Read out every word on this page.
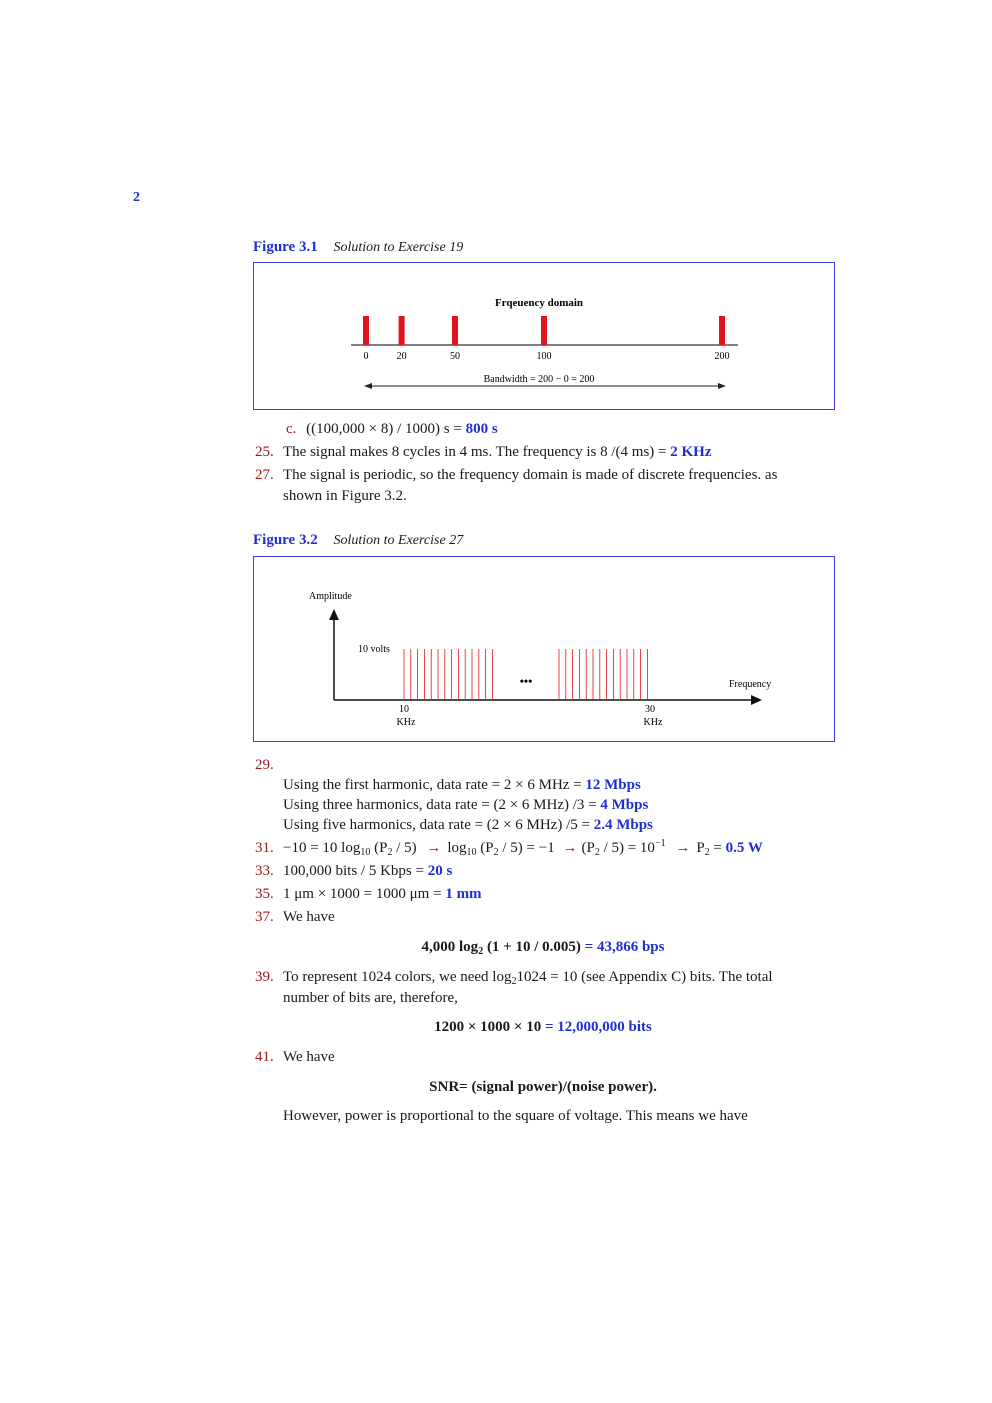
2
Figure 3.1 Solution to Exercise 19
Frqeuency domain
0	20	50	100	200
Bandwidth = 200 − 0 = 200
c. ((100,000 × 8) / 1000) s = 800 s
25. The signal makes 8 cycles in 4 ms. The frequency is 8 /(4 ms) = 2 KHz
27. The signal is periodic, so the frequency domain is made of discrete frequencies. as
shown in Figure 3.2.
Figure 3.2 Solution to Exercise 27
Amplitude
Frequency
10 volts
•••
10
KHz
30
KHz
29.
Using the first harmonic, data rate = 2 × 6 MHz = 12 Mbps
Using three harmonics, data rate = (2 × 6 MHz) /3 = 4 Mbps
Using five harmonics, data rate = (2 × 6 MHz) /5 = 2.4 Mbps
31. −10 = 10 $\log_{10} (P_2 / 5) \to \log_{10} (P_2 / 5) = -1 \to (P_2 / 5) = 10^{-1} \to P_2 = 0.5$ W
33. 100,000 bits / 5 Kbps = 20 s
35. 1 μm × 1000 = 1000 μm = 1 mm
37. We have
4,000 $\log_2 (1 + 10 / 0.005) = 43,866$ bps
39. To represent 1024 colors, we need $\log_21024 = 10$ (see Appendix C) bits. The total
number of bits are, therefore,
1200 × 1000 × 10 = 12,000,000 bits
41. We have
SNR= (signal power)/(noise power).
However, power is proportional to the square of voltage. This means we have
